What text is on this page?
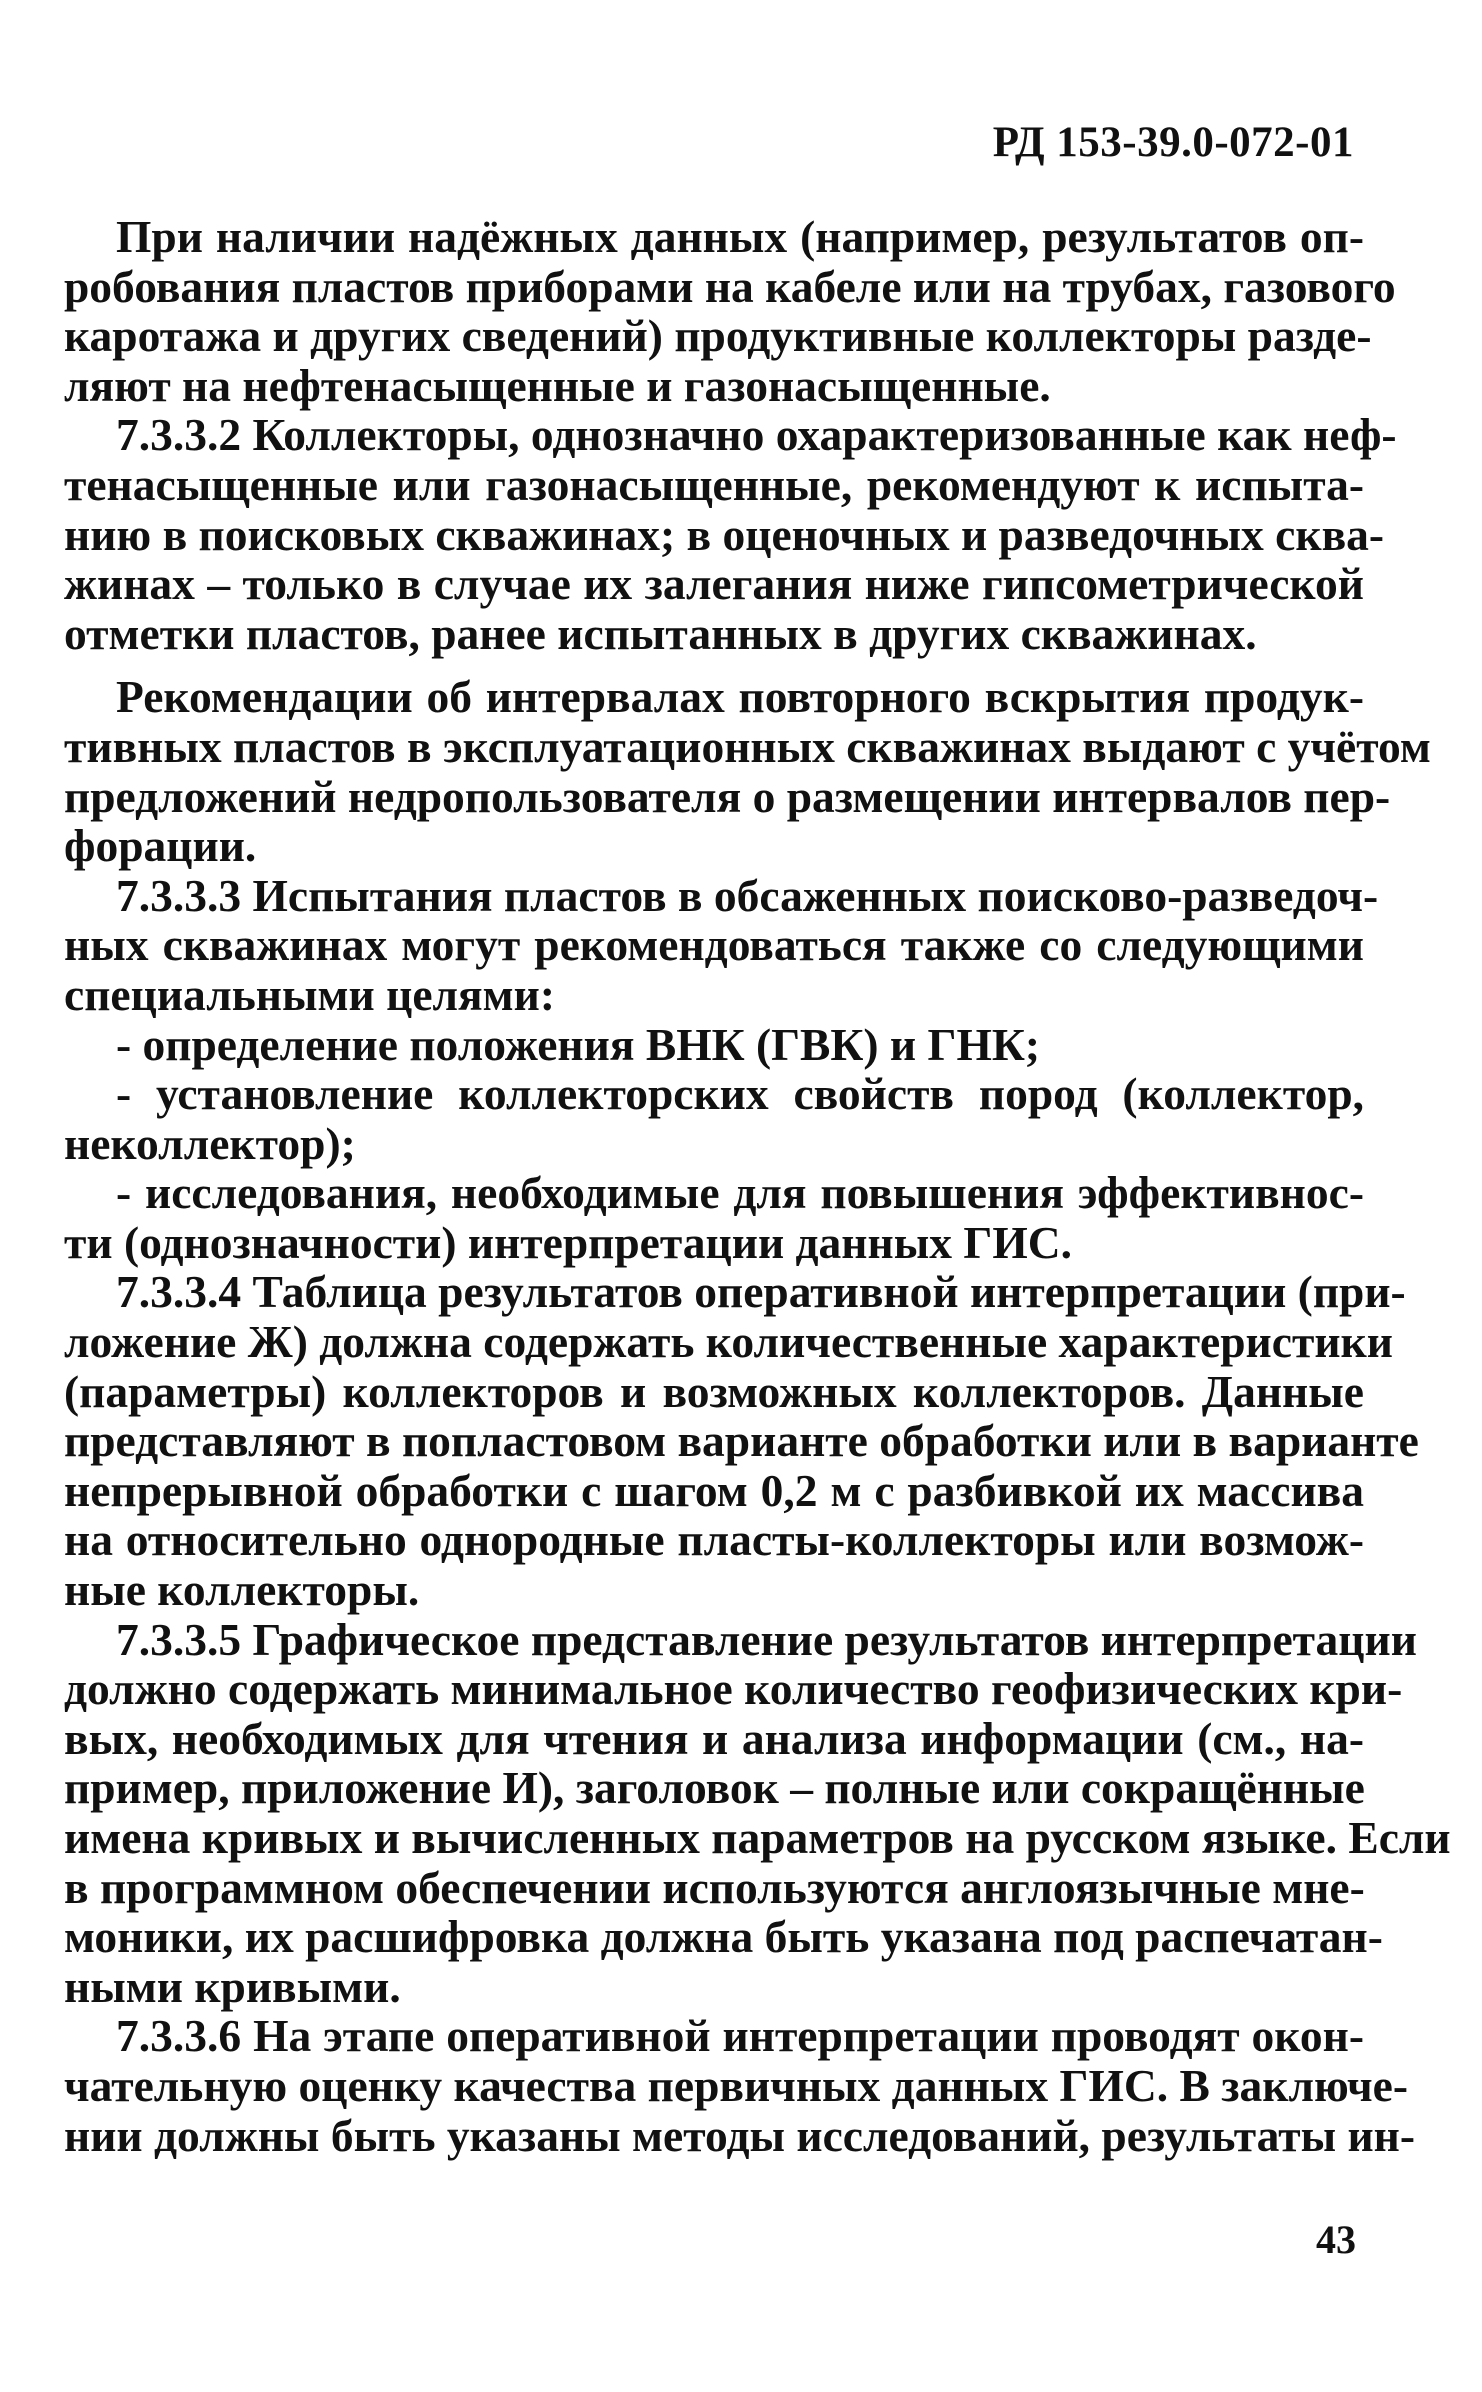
РД 153-39.0-072-01
При наличии надёжных данных (например, результатов оп-
робования пластов приборами на кабеле или на трубах, газового
каротажа и других сведений) продуктивные коллекторы разде-
ляют на нефтенасыщенные и газонасыщенные.
7.3.3.2 Коллекторы, однозначно охарактеризованные как неф-
тенасыщенные или газонасыщенные, рекомендуют к испыта-
нию в поисковых скважинах; в оценочных и разведочных сква-
жинах – только в случае их залегания ниже гипсометрической
отметки пластов, ранее испытанных в других скважинах.
Рекомендации об интервалах повторного вскрытия продук-
тивных пластов в эксплуатационных скважинах выдают с учётом
предложений недропользователя о размещении интервалов пер-
форации.
7.3.3.3 Испытания пластов в обсаженных поисково-разведоч-
ных скважинах могут рекомендоваться также со следующими
специальными целями:
- определение положения ВНК (ГВК) и ГНК;
- установление коллекторских свойств пород (коллектор,
неколлектор);
- исследования, необходимые для повышения эффективнос-
ти (однозначности) интерпретации данных ГИС.
7.3.3.4 Таблица результатов оперативной интерпретации (при-
ложение Ж) должна содержать количественные характеристики
(параметры) коллекторов и возможных коллекторов. Данные
представляют в попластовом варианте обработки или в варианте
непрерывной обработки с шагом 0,2 м с разбивкой их массива
на относительно однородные пласты-коллекторы или возмож-
ные коллекторы.
7.3.3.5 Графическое представление результатов интерпретации
должно содержать минимальное количество геофизических кри-
вых, необходимых для чтения и анализа информации (см., на-
пример, приложение И), заголовок – полные или сокращённые
имена кривых и вычисленных параметров на русском языке. Если
в программном обеспечении используются англоязычные мне-
моники, их расшифровка должна быть указана под распечатан-
ными кривыми.
7.3.3.6 На этапе оперативной интерпретации проводят окон-
чательную оценку качества первичных данных ГИС. В заключе-
нии должны быть указаны методы исследований, результаты ин-
43
